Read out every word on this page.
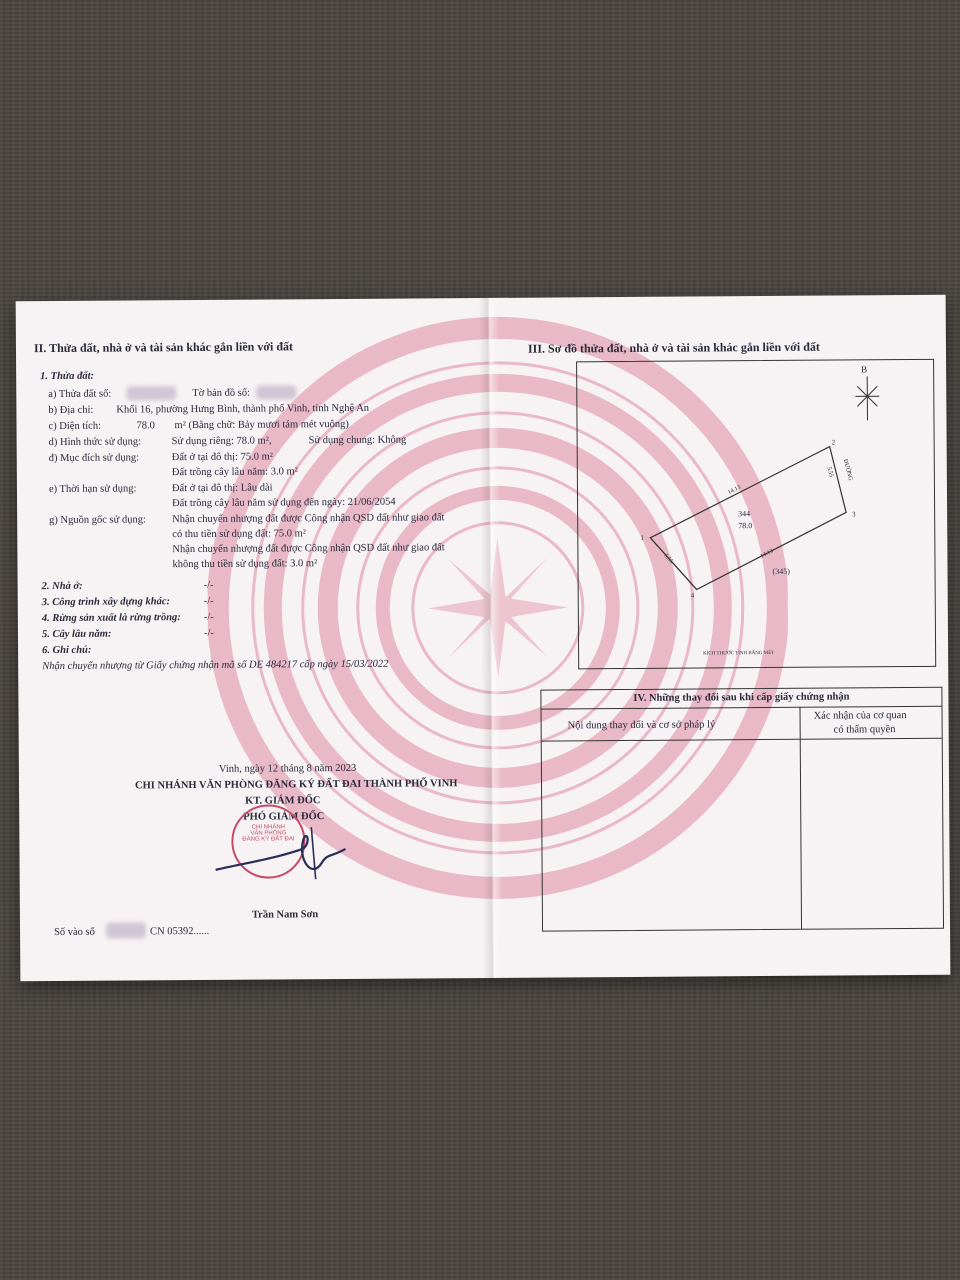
II. Thửa đất, nhà ở và tài sản khác gắn liền với đất
1. Thửa đất:
a) Thửa đất số:	Tờ bản đồ số:
b) Địa chỉ: Khối 16, phường Hưng Bình, thành phố Vinh, tỉnh Nghệ An
c) Diện tích:	78.0 m² (Bằng chữ: Bảy mươi tám mét vuông)
d) Hình thức sử dụng:	Sử dụng riêng: 78.0 m²,	Sử dụng chung: Không
đ) Mục đích sử dụng:	Đất ở tại đô thị: 75.0 m²
Đất trồng cây lâu năm: 3.0 m²
e) Thời hạn sử dụng:	Đất ở tại đô thị: Lâu dài
Đất trồng cây lâu năm sử dụng đến ngày: 21/06/2054
g) Nguồn gốc sử dụng: Nhận chuyển nhượng đất được Công nhận QSD đất như giao đất
có thu tiền sử dụng đất: 75.0 m²
Nhận chuyển nhượng đất được Công nhận QSD đất như giao đất
không thu tiền sử dụng đất: 3.0 m²
2. Nhà ở:	-/-
3. Công trình xây dựng khác:	-/-
4. Rừng sản xuất là rừng trồng: -/-
5. Cây lâu năm:	-/-
6. Ghi chú:
Nhận chuyển nhượng từ Giấy chứng nhận mã số DE 484217 cấp ngày 15/03/2022
Vinh, ngày 12 tháng 8 năm 2023
CHI NHÁNH VĂN PHÒNG ĐĂNG KÝ ĐẤT ĐAI THÀNH PHỐ VINH
KT. GIÁM ĐỐC
PHÓ GIÁM ĐỐC
CHI NHÁNH
VĂN PHÒNG
ĐĂNG KÝ ĐẤT ĐAI
Trần Nam Sơn
Số vào sổ	CN 05392......
III. Sơ đồ thửa đất, nhà ở và tài sản khác gắn liền với đất
B
ĐƯỜNG
344
78.0
(345)
14.13
5.55
14.13
5.55
1
2
3
4
KÍCH THƯỚC TÍNH BẰNG MÉT
IV. Những thay đổi sau khi cấp giấy chứng nhận
Nội dung thay đổi và cơ sở pháp lý
Xác nhận của cơ quan
có thẩm quyền
